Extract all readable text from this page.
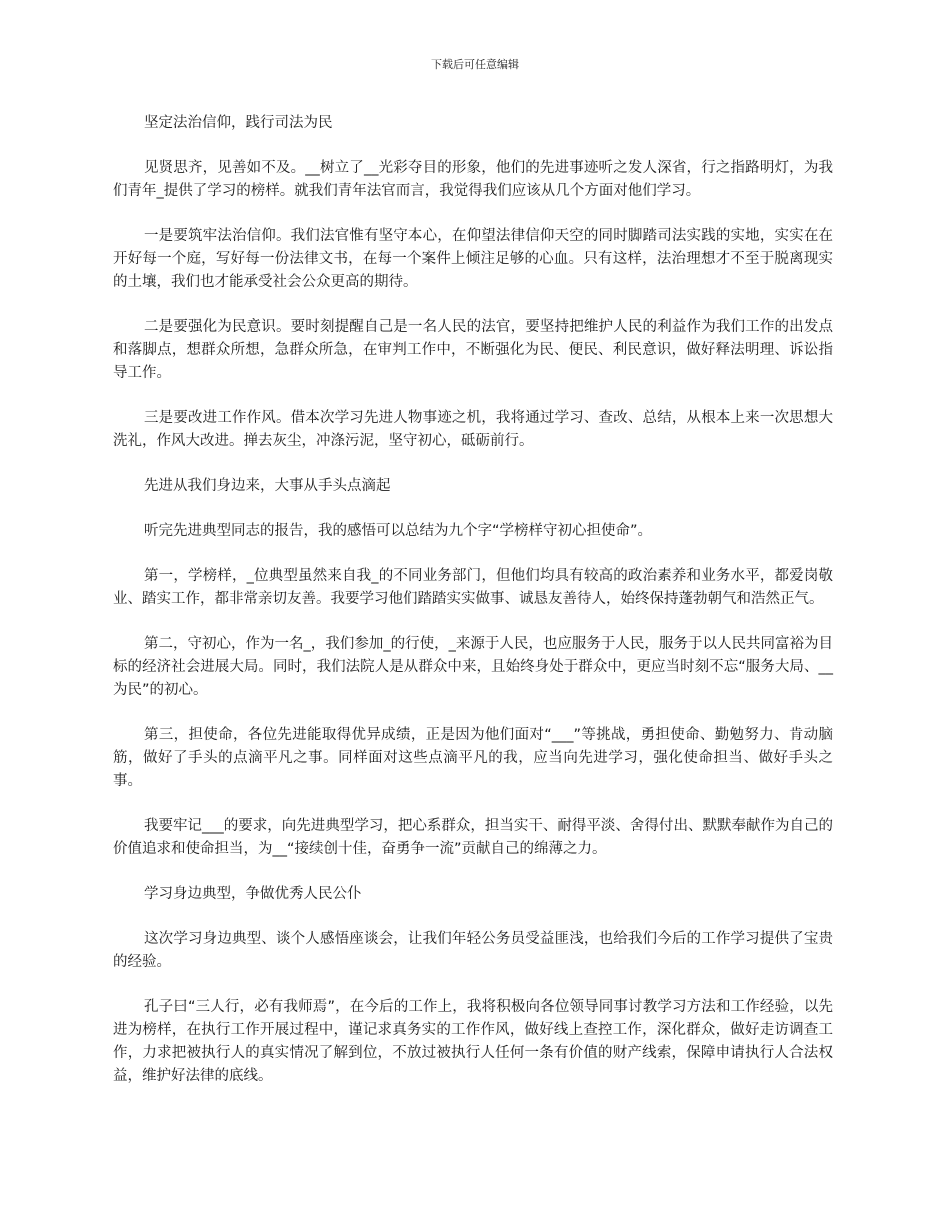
下载后可任意编辑

坚定法治信仰，践行司法为民

见贤思齐，见善如不及。__树立了__光彩夺目的形象，他们的先进事迹听之发人深省，行之指路明灯，为我们青年_提供了学习的榜样。就我们青年法官而言，我觉得我们应该从几个方面对他们学习。

一是要筑牢法治信仰。我们法官惟有坚守本心，在仰望法律信仰天空的同时脚踏司法实践的实地，实实在在开好每一个庭，写好每一份法律文书，在每一个案件上倾注足够的心血。只有这样，法治理想才不至于脱离现实的土壤，我们也才能承受社会公众更高的期待。

二是要强化为民意识。要时刻提醒自己是一名人民的法官，要坚持把维护人民的利益作为我们工作的出发点和落脚点，想群众所想，急群众所急，在审判工作中，不断强化为民、便民、利民意识，做好释法明理、诉讼指导工作。

三是要改进工作作风。借本次学习先进人物事迹之机，我将通过学习、查改、总结，从根本上来一次思想大洗礼，作风大改进。掸去灰尘，冲涤污泥，坚守初心，砥砺前行。

先进从我们身边来，大事从手头点滴起

听完先进典型同志的报告，我的感悟可以总结为九个字“学榜样守初心担使命”。

第一，学榜样，_位典型虽然来自我_的不同业务部门，但他们均具有较高的政治素养和业务水平，都爱岗敬业、踏实工作，都非常亲切友善。我要学习他们踏踏实实做事、诚恳友善待人，始终保持蓬勃朝气和浩然正气。

第二，守初心，作为一名_，我们参加_的行使，_来源于人民，也应服务于人民，服务于以人民共同富裕为目标的经济社会进展大局。同时，我们法院人是从群众中来，且始终身处于群众中，更应当时刻不忘“服务大局、__为民”的初心。

第三，担使命，各位先进能取得优异成绩，正是因为他们面对“___”等挑战，勇担使命、勤勉努力、肯动脑筋，做好了手头的点滴平凡之事。同样面对这些点滴平凡的我，应当向先进学习，强化使命担当、做好手头之事。

我要牢记___的要求，向先进典型学习，把心系群众，担当实干、耐得平淡、舍得付出、默默奉献作为自己的价值追求和使命担当，为__“接续创十佳，奋勇争一流”贡献自己的绵薄之力。

学习身边典型，争做优秀人民公仆

这次学习身边典型、谈个人感悟座谈会，让我们年轻公务员受益匪浅，也给我们今后的工作学习提供了宝贵的经验。

孔子曰“三人行，必有我师焉”，在今后的工作上，我将积极向各位领导同事讨教学习方法和工作经验，以先进为榜样，在执行工作开展过程中，谨记求真务实的工作作风，做好线上查控工作，深化群众，做好走访调查工作，力求把被执行人的真实情况了解到位，不放过被执行人任何一条有价值的财产线索，保障申请执行人合法权益，维护好法律的底线。
